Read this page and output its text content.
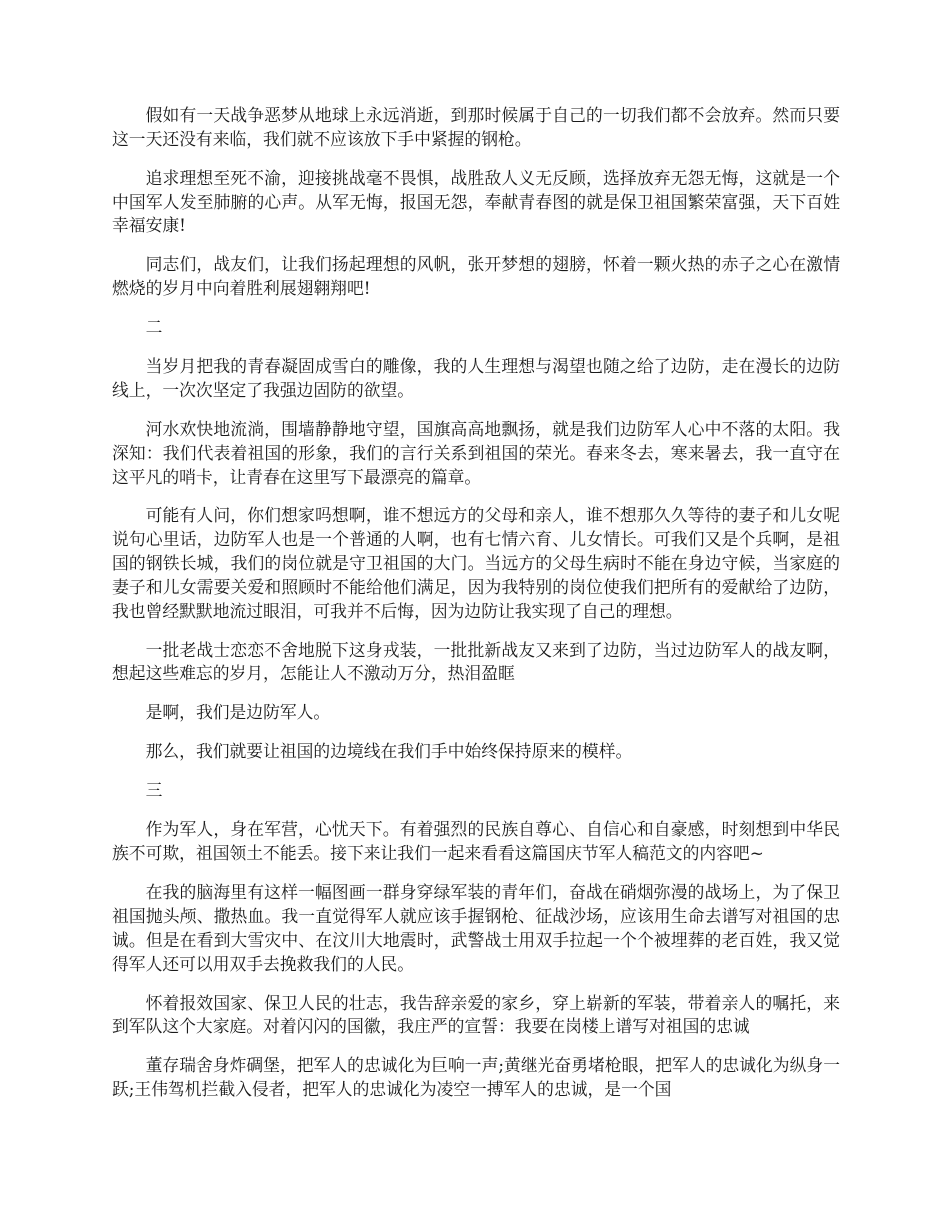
假如有一天战争恶梦从地球上永远消逝，到那时候属于自己的一切我们都不会放弃。然而只要这一天还没有来临，我们就不应该放下手中紧握的钢枪。

追求理想至死不渝，迎接挑战毫不畏惧，战胜敌人义无反顾，选择放弃无怨无悔，这就是一个中国军人发至肺腑的心声。从军无悔，报国无怨，奉献青春图的就是保卫祖国繁荣富强，天下百姓幸福安康!

同志们，战友们，让我们扬起理想的风帆，张开梦想的翅膀，怀着一颗火热的赤子之心在激情燃烧的岁月中向着胜利展翅翱翔吧!

二

当岁月把我的青春凝固成雪白的雕像，我的人生理想与渴望也随之给了边防，走在漫长的边防线上，一次次坚定了我强边固防的欲望。

河水欢快地流淌，围墙静静地守望，国旗高高地飘扬，就是我们边防军人心中不落的太阳。我深知：我们代表着祖国的形象，我们的言行关系到祖国的荣光。春来冬去，寒来暑去，我一直守在这平凡的哨卡，让青春在这里写下最漂亮的篇章。

可能有人问，你们想家吗想啊，谁不想远方的父母和亲人，谁不想那久久等待的妻子和儿女呢说句心里话，边防军人也是一个普通的人啊，也有七情六育、儿女情长。可我们又是个兵啊，是祖国的钢铁长城，我们的岗位就是守卫祖国的大门。当远方的父母生病时不能在身边守候，当家庭的妻子和儿女需要关爱和照顾时不能给他们满足，因为我特别的岗位使我们把所有的爱献给了边防，我也曾经默默地流过眼泪，可我并不后悔，因为边防让我实现了自己的理想。

一批老战士恋恋不舍地脱下这身戎装，一批批新战友又来到了边防，当过边防军人的战友啊，想起这些难忘的岁月，怎能让人不激动万分，热泪盈眶

是啊，我们是边防军人。

那么，我们就要让祖国的边境线在我们手中始终保持原来的模样。

三

作为军人，身在军营，心忧天下。有着强烈的民族自尊心、自信心和自豪感，时刻想到中华民族不可欺，祖国领土不能丢。接下来让我们一起来看看这篇国庆节军人稿范文的内容吧~

在我的脑海里有这样一幅图画一群身穿绿军装的青年们，奋战在硝烟弥漫的战场上，为了保卫祖国抛头颅、撒热血。我一直觉得军人就应该手握钢枪、征战沙场，应该用生命去谱写对祖国的忠诚。但是在看到大雪灾中、在汶川大地震时，武警战士用双手拉起一个个被埋葬的老百姓，我又觉得军人还可以用双手去挽救我们的人民。

怀着报效国家、保卫人民的壮志，我告辞亲爱的家乡，穿上崭新的军装，带着亲人的嘱托，来到军队这个大家庭。对着闪闪的国徽，我庄严的宣誓：我要在岗楼上谱写对祖国的忠诚

董存瑞舍身炸碉堡，把军人的忠诚化为巨响一声;黄继光奋勇堵枪眼，把军人的忠诚化为纵身一跃;王伟驾机拦截入侵者，把军人的忠诚化为凌空一搏军人的忠诚，是一个国
